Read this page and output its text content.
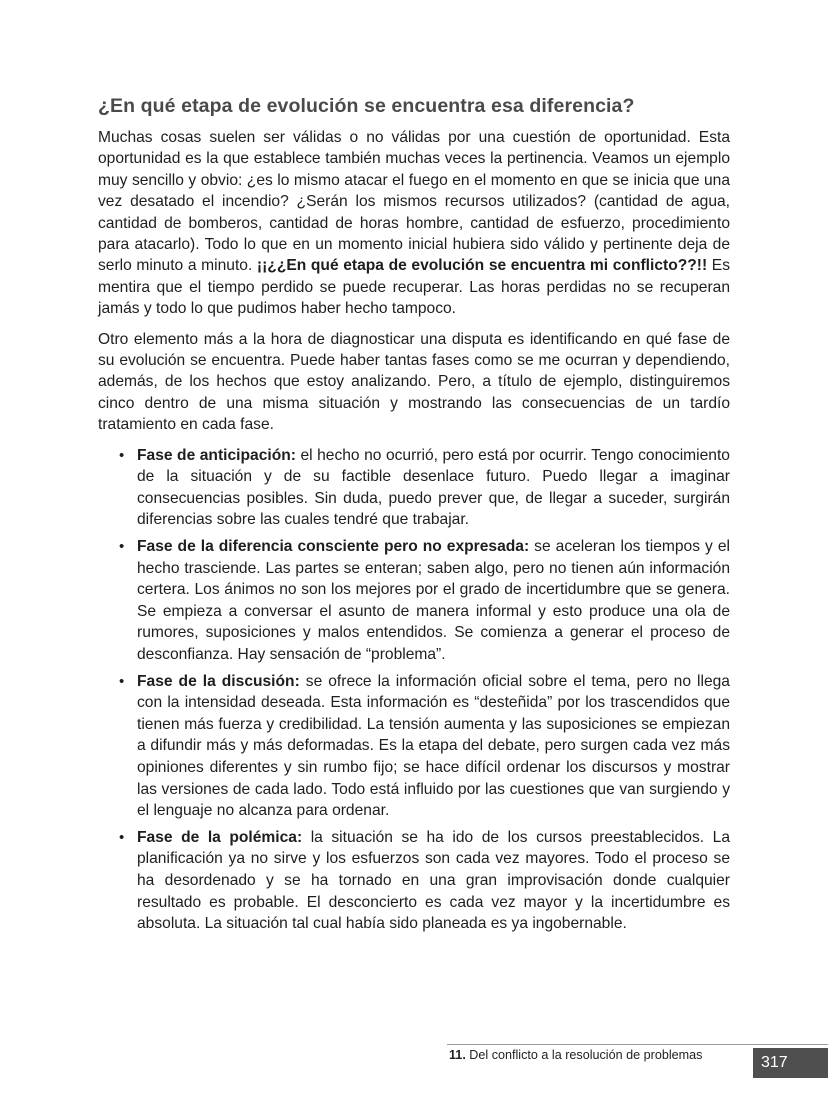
¿En qué etapa de evolución se encuentra esa diferencia?

Muchas cosas suelen ser válidas o no válidas por una cuestión de oportunidad. Esta oportunidad es la que establece también muchas veces la pertinencia. Veamos un ejemplo muy sencillo y obvio: ¿es lo mismo atacar el fuego en el momento en que se inicia que una vez desatado el incendio? ¿Serán los mismos recursos utilizados? (cantidad de agua, cantidad de bomberos, cantidad de horas hombre, cantidad de esfuerzo, procedimiento para atacarlo). Todo lo que en un momento inicial hubiera sido válido y pertinente deja de serlo minuto a minuto. ¡¡¿¿En qué etapa de evolución se encuentra mi conflicto??!! Es mentira que el tiempo perdido se puede recuperar. Las horas perdidas no se recuperan jamás y todo lo que pudimos haber hecho tampoco.

Otro elemento más a la hora de diagnosticar una disputa es identificando en qué fase de su evolución se encuentra. Puede haber tantas fases como se me ocurran y dependiendo, además, de los hechos que estoy analizando. Pero, a título de ejemplo, distinguiremos cinco dentro de una misma situación y mostrando las consecuencias de un tardío tratamiento en cada fase.

• Fase de anticipación: el hecho no ocurrió, pero está por ocurrir. Tengo conocimiento de la situación y de su factible desenlace futuro. Puedo llegar a imaginar consecuencias posibles. Sin duda, puedo prever que, de llegar a suceder, surgirán diferencias sobre las cuales tendré que trabajar.
• Fase de la diferencia consciente pero no expresada: se aceleran los tiempos y el hecho trasciende. Las partes se enteran; saben algo, pero no tienen aún información certera. Los ánimos no son los mejores por el grado de incertidumbre que se genera. Se empieza a conversar el asunto de manera informal y esto produce una ola de rumores, suposiciones y malos entendidos. Se comienza a generar el proceso de desconfianza. Hay sensación de “problema”.
• Fase de la discusión: se ofrece la información oficial sobre el tema, pero no llega con la intensidad deseada. Esta información es “desteñida” por los trascendidos que tienen más fuerza y credibilidad. La tensión aumenta y las suposiciones se empiezan a difundir más y más deformadas. Es la etapa del debate, pero surgen cada vez más opiniones diferentes y sin rumbo fijo; se hace difícil ordenar los discursos y mostrar las versiones de cada lado. Todo está influido por las cuestiones que van surgiendo y el lenguaje no alcanza para ordenar.
• Fase de la polémica: la situación se ha ido de los cursos preestablecidos. La planificación ya no sirve y los esfuerzos son cada vez mayores. Todo el proceso se ha desordenado y se ha tornado en una gran improvisación donde cualquier resultado es probable. El desconcierto es cada vez mayor y la incertidumbre es absoluta. La situación tal cual había sido planeada es ya ingobernable.
11. Del conflicto a la resolución de problemas	317
